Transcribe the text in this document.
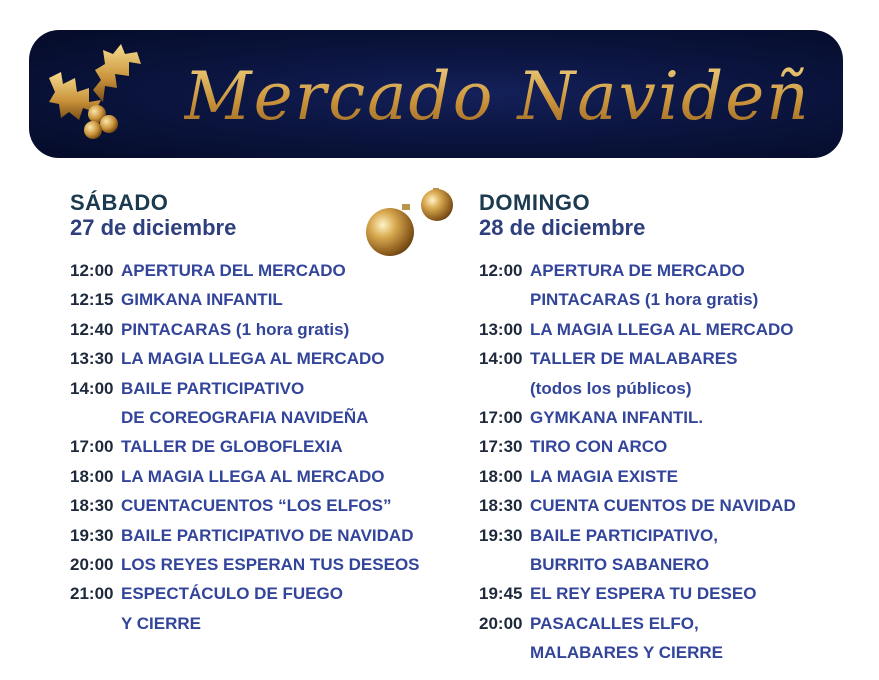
Mercado Navideño
SÁBADO
27 de diciembre
12:00 APERTURA DEL MERCADO
12:15 GIMKANA INFANTIL
12:40 PINTACARAS (1 hora gratis)
13:30 LA MAGIA LLEGA AL MERCADO
14:00 BAILE PARTICIPATIVO
DE COREOGRAFIA NAVIDEÑA
17:00 TALLER DE GLOBOFLEXIA
18:00 LA MAGIA LLEGA AL MERCADO
18:30 CUENTACUENTOS “LOS ELFOS”
19:30 BAILE PARTICIPATIVO DE NAVIDAD
20:00 LOS REYES ESPERAN TUS DESEOS
21:00 ESPECTÁCULO DE FUEGO
Y CIERRE
DOMINGO
28 de diciembre
12:00 APERTURA DE MERCADO
PINTACARAS (1 hora gratis)
13:00 LA MAGIA LLEGA AL MERCADO
14:00 TALLER DE MALABARES
(todos los públicos)
17:00 GYMKANA INFANTIL.
17:30 TIRO CON ARCO
18:00 LA MAGIA EXISTE
18:30 CUENTA CUENTOS DE NAVIDAD
19:30 BAILE PARTICIPATIVO,
BURRITO SABANERO
19:45 EL REY ESPERA TU DESEO
20:00 PASACALLES ELFO,
MALABARES Y CIERRE
